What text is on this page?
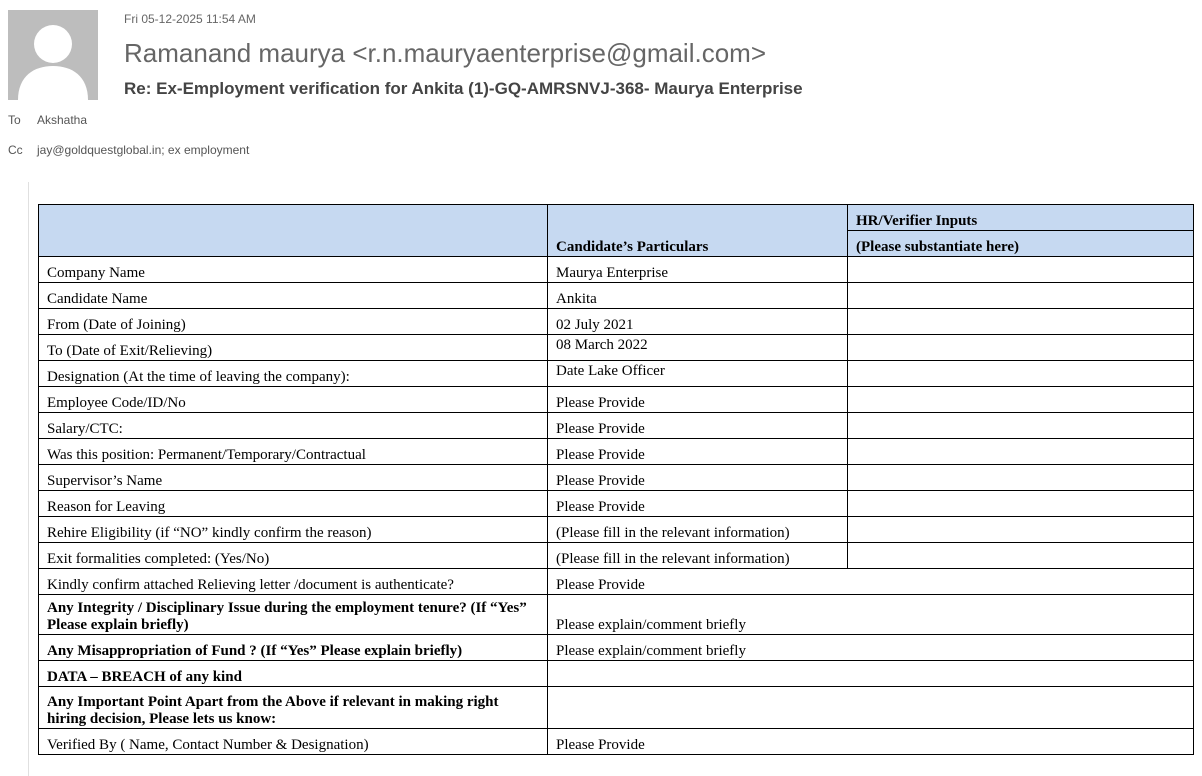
Fri 05-12-2025 11:54 AM
Ramanand maurya <r.n.mauryaenterprise@gmail.com>
Re: Ex-Employment verification for Ankita (1)-GQ-AMRSNVJ-368- Maurya Enterprise
To Akshatha
Cc jay@goldquestglobal.in; ex employment
	Candidate’s Particulars	HR/Verifier Inputs
		(Please substantiate here)
Company Name	Maurya Enterprise	
Candidate Name	Ankita	
From (Date of Joining)	02 July 2021	
To (Date of Exit/Relieving)	08 March 2022	
Designation (At the time of leaving the company):	Date Lake Officer	
Employee Code/ID/No	Please Provide	
Salary/CTC:	Please Provide	
Was this position: Permanent/Temporary/Contractual	Please Provide	
Supervisor’s Name	Please Provide	
Reason for Leaving	Please Provide	
Rehire Eligibility (if “NO” kindly confirm the reason)	(Please fill in the relevant information)	
Exit formalities completed: (Yes/No)	(Please fill in the relevant information)	
Kindly confirm attached Relieving letter /document is authenticate?	Please Provide	
Any Integrity / Disciplinary Issue during the employment tenure? (If “Yes” Please explain briefly)	Please explain/comment briefly	
Any Misappropriation of Fund ? (If “Yes” Please explain briefly)	Please explain/comment briefly	
DATA – BREACH of any kind		
Any Important Point Apart from the Above if relevant in making right hiring decision, Please lets us know:		
Verified By ( Name, Contact Number & Designation)	Please Provide	
